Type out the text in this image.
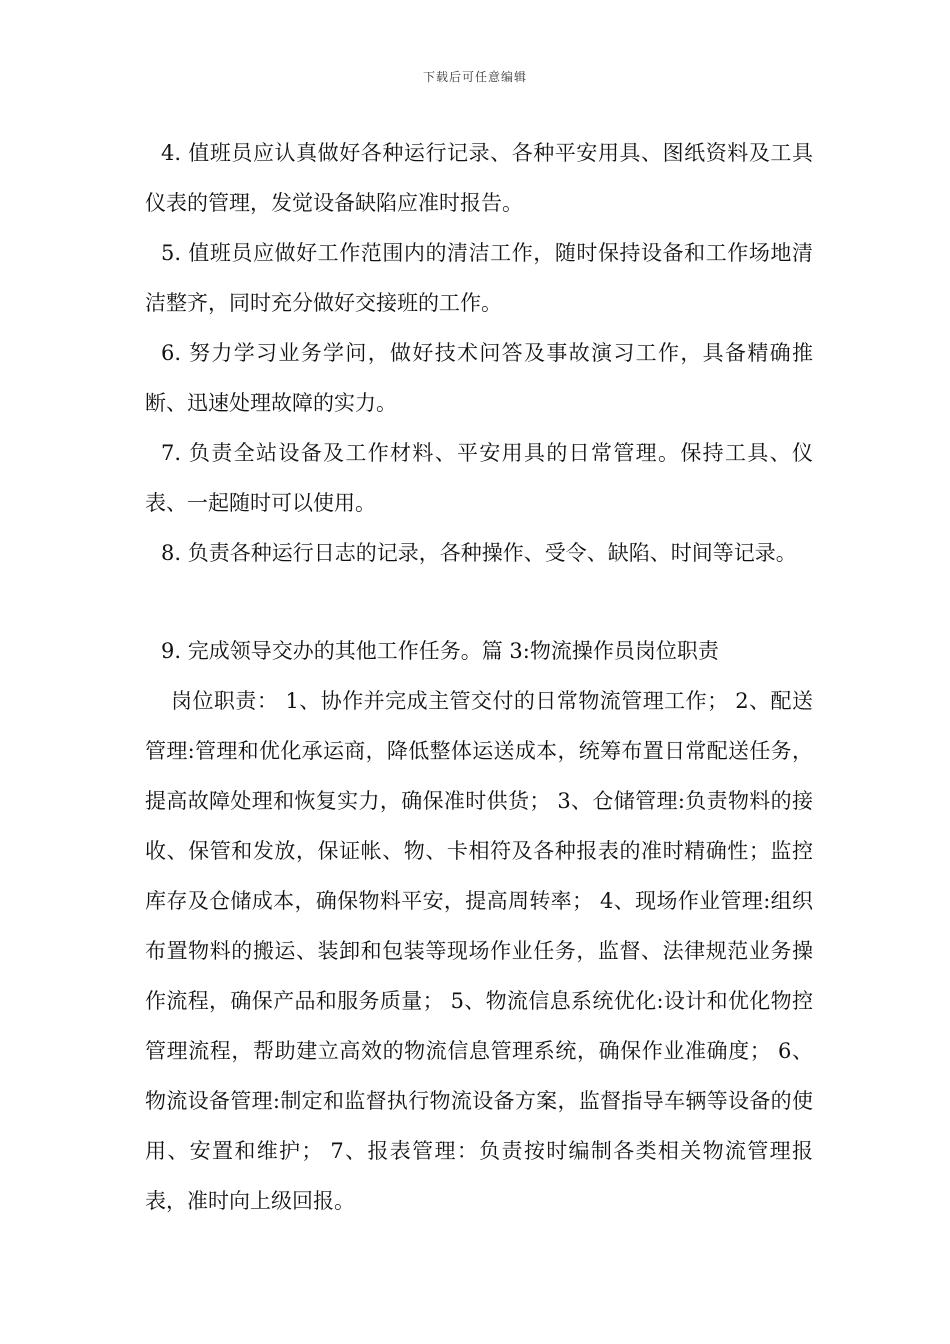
下载后可任意编辑

4. 值班员应认真做好各种运行记录、各种平安用具、图纸资料及工具仪表的管理，发觉设备缺陷应准时报告。

5. 值班员应做好工作范围内的清洁工作，随时保持设备和工作场地清洁整齐，同时充分做好交接班的工作。

6. 努力学习业务学问，做好技术问答及事故演习工作，具备精确推断、迅速处理故障的实力。

7. 负责全站设备及工作材料、平安用具的日常管理。保持工具、仪表、一起随时可以使用。

8. 负责各种运行日志的记录，各种操作、受令、缺陷、时间等记录。

9. 完成领导交办的其他工作任务。篇 3:物流操作员岗位职责

岗位职责： 1、协作并完成主管交付的日常物流管理工作； 2、配送管理:管理和优化承运商，降低整体运送成本，统筹布置日常配送任务，提高故障处理和恢复实力，确保准时供货； 3、仓储管理:负责物料的接收、保管和发放，保证帐、物、卡相符及各种报表的准时精确性；监控库存及仓储成本，确保物料平安，提高周转率； 4、现场作业管理:组织布置物料的搬运、装卸和包装等现场作业任务，监督、法律规范业务操作流程，确保产品和服务质量； 5、物流信息系统优化:设计和优化物控管理流程，帮助建立高效的物流信息管理系统，确保作业准确度； 6、物流设备管理:制定和监督执行物流设备方案，监督指导车辆等设备的使用、安置和维护； 7、报表管理：负责按时编制各类相关物流管理报表，准时向上级回报。
